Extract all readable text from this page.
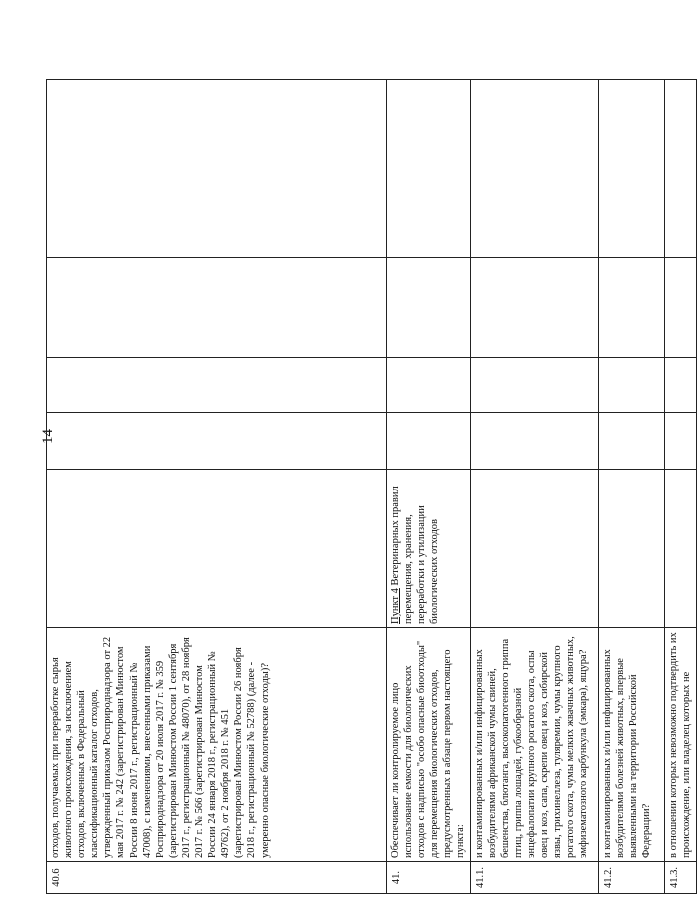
14
40.6	отходов, получаемых при переработке сырья животного происхождения, за исключением отходов, включенных в Федеральный классификационный каталог отходов, утвержденный приказом Росприроднадзора от 22 мая 2017 г. № 242 (зарегистрирован Минюстом России 8 июня 2017 г., регистрационный № 47008), с изменениями, внесенными приказами Росприроднадзора от 20 июля 2017 г. № 359 (зарегистрирован Минюстом России 1 сентября 2017 г., регистрационный № 48070), от 28 ноября 2017 г. № 566 (зарегистрирован Минюстом России 24 января 2018 г., регистрационный № 49762), от 2 ноября 2018 г. № 451 (зарегистрирован Минюстом России 26 ноября 2018 г., регистрационный № 52788) (далее - умеренно опасные биологические отходы)?					
41.	Обеспечивает ли контролируемое лицо использование емкости для биологических отходов с надписью "особо опасные биоотходы" для перемещения биологических отходов, предусмотренных в абзаце первом настоящего пункта:	Пункт 4 Ветеринарных правил перемещения, хранения, переработки и утилизации биологических отходов				
41.1.	и контаминированных и/или инфицированных возбудителями африканской чумы свиней, бешенства, блютанга, высокопатогенного гриппа птиц, гриппа лошадей, губкообразной энцефалопатии крупного рогатого скота, оспы овец и коз, сапа, скрепи овец и коз, сибирской язвы, трихинеллеза, туляремии, чумы крупного рогатого скота, чумы мелких жвачных животных, эмфизематозного карбункула (эмкара), ящура?					
41.2.	и контаминированных и/или инфицированных возбудителями болезней животных, впервые выявленными на территории Российской Федерации?					
41.3.	в отношении которых невозможно подтвердить их происхождение, или владелец которых не					
